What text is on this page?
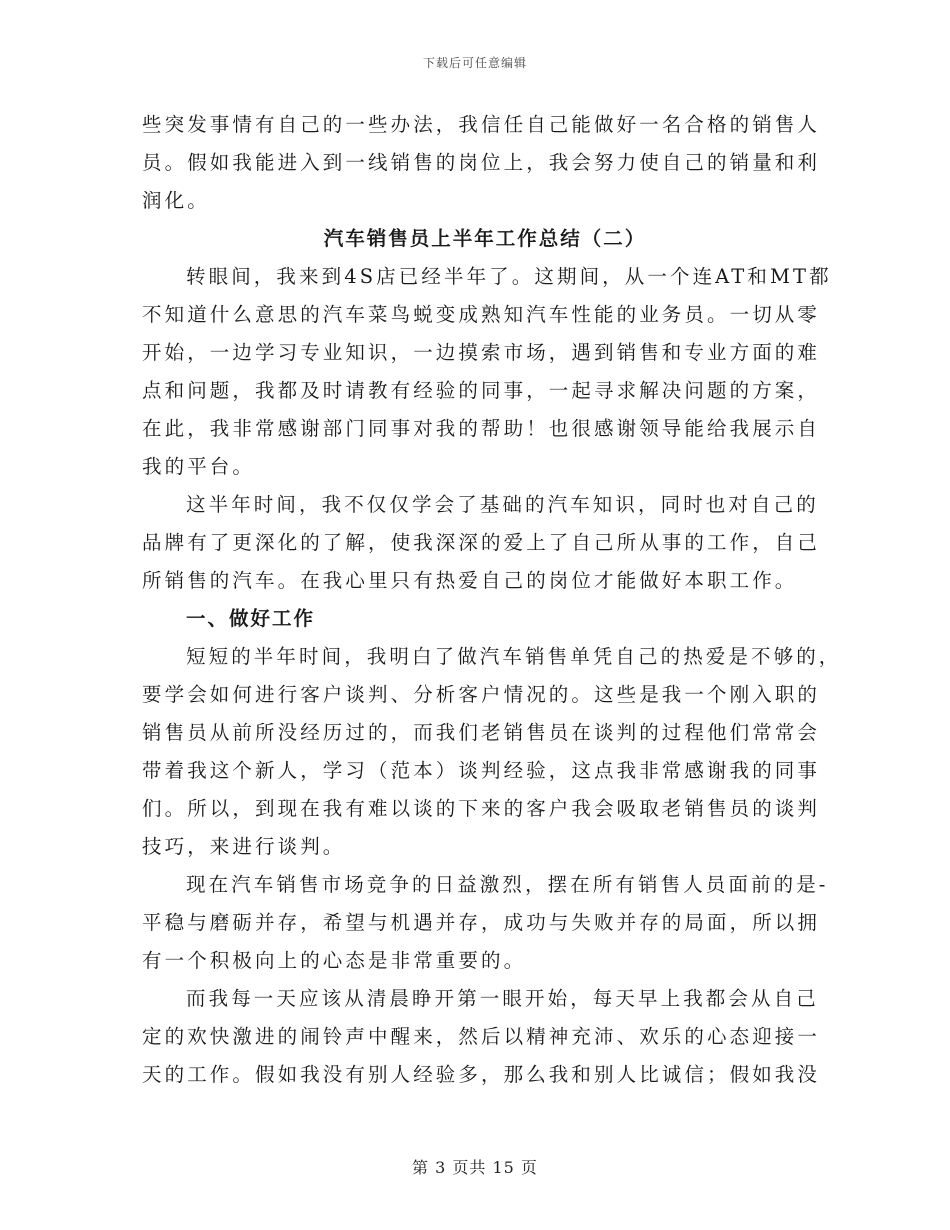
下载后可任意编辑
些突发事情有自己的一些办法，我信任自己能做好一名合格的销售人
员。假如我能进入到一线销售的岗位上，我会努力使自己的销量和利
润化。
汽车销售员上半年工作总结（二）
转眼间，我来到4S店已经半年了。这期间，从一个连AT和MT都
不知道什么意思的汽车菜鸟蜕变成熟知汽车性能的业务员。一切从零
开始，一边学习专业知识，一边摸索市场，遇到销售和专业方面的难
点和问题，我都及时请教有经验的同事，一起寻求解决问题的方案，
在此，我非常感谢部门同事对我的帮助！也很感谢领导能给我展示自
我的平台。
这半年时间，我不仅仅学会了基础的汽车知识，同时也对自己的
品牌有了更深化的了解，使我深深的爱上了自己所从事的工作，自己
所销售的汽车。在我心里只有热爱自己的岗位才能做好本职工作。
一、做好工作
短短的半年时间，我明白了做汽车销售单凭自己的热爱是不够的，
要学会如何进行客户谈判、分析客户情况的。这些是我一个刚入职的
销售员从前所没经历过的，而我们老销售员在谈判的过程他们常常会
带着我这个新人，学习（范本）谈判经验，这点我非常感谢我的同事
们。所以，到现在我有难以谈的下来的客户我会吸取老销售员的谈判
技巧，来进行谈判。
现在汽车销售市场竞争的日益激烈，摆在所有销售人员面前的是-
平稳与磨砺并存，希望与机遇并存，成功与失败并存的局面，所以拥
有一个积极向上的心态是非常重要的。
而我每一天应该从清晨睁开第一眼开始，每天早上我都会从自己
定的欢快激进的闹铃声中醒来，然后以精神充沛、欢乐的心态迎接一
天的工作。假如我没有别人经验多，那么我和别人比诚信；假如我没
第 3 页共 15 页
